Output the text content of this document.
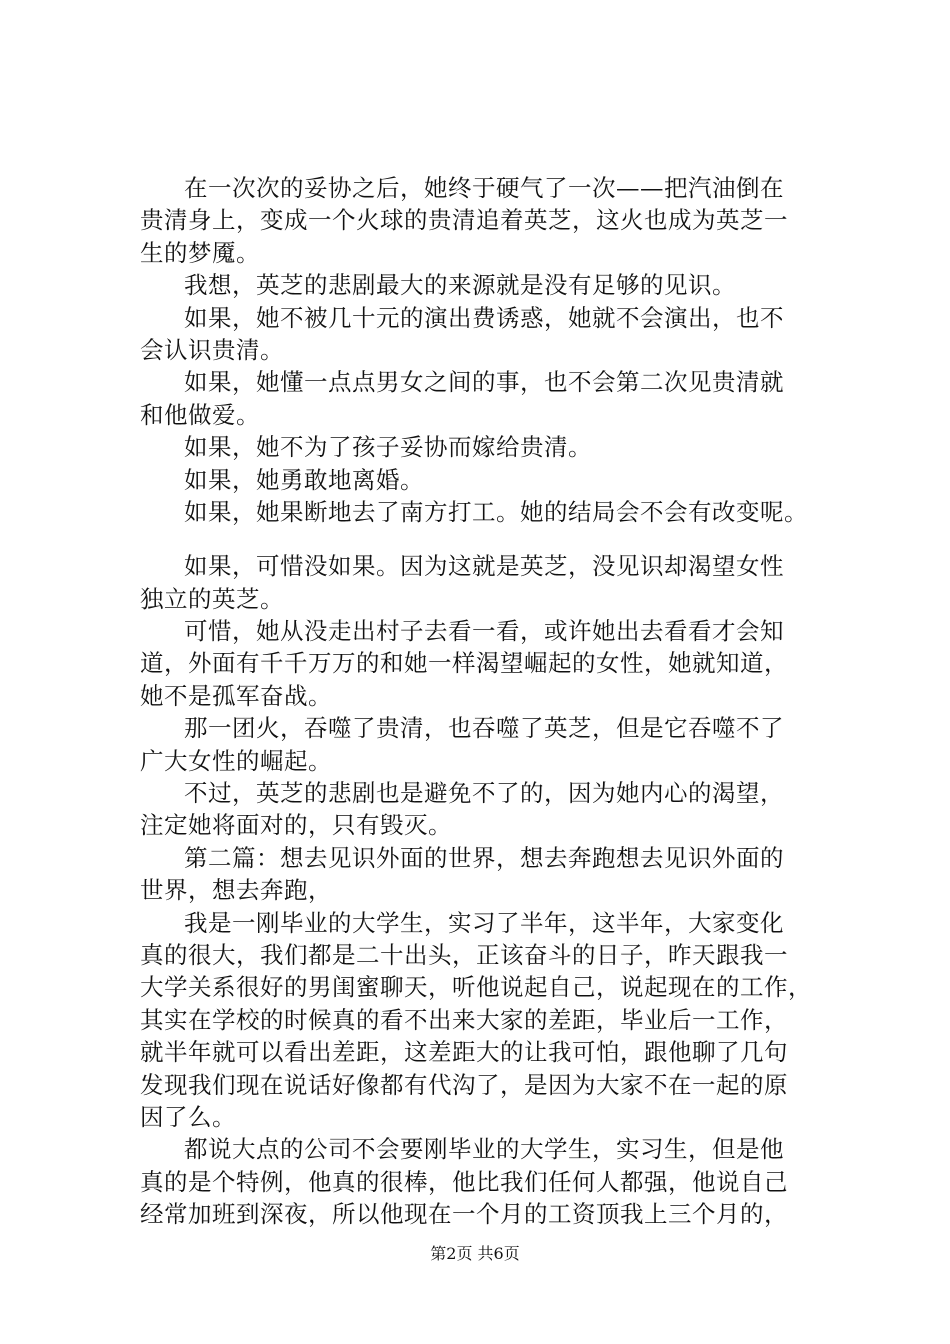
在一次次的妥协之后，她终于硬气了一次——把汽油倒在
贵清身上，变成一个火球的贵清追着英芝，这火也成为英芝一
生的梦魇。
我想，英芝的悲剧最大的来源就是没有足够的见识。
如果，她不被几十元的演出费诱惑，她就不会演出，也不
会认识贵清。
如果，她懂一点点男女之间的事，也不会第二次见贵清就
和他做爱。
如果，她不为了孩子妥协而嫁给贵清。
如果，她勇敢地离婚。
如果，她果断地去了南方打工。她的结局会不会有改变呢。
如果，可惜没如果。因为这就是英芝，没见识却渴望女性
独立的英芝。
可惜，她从没走出村子去看一看，或许她出去看看才会知
道，外面有千千万万的和她一样渴望崛起的女性，她就知道，
她不是孤军奋战。
那一团火，吞噬了贵清，也吞噬了英芝，但是它吞噬不了
广大女性的崛起。
不过，英芝的悲剧也是避免不了的，因为她内心的渴望，
注定她将面对的，只有毁灭。
第二篇：想去见识外面的世界，想去奔跑想去见识外面的
世界，想去奔跑，
我是一刚毕业的大学生，实习了半年，这半年，大家变化
真的很大，我们都是二十出头，正该奋斗的日子，昨天跟我一
大学关系很好的男闺蜜聊天，听他说起自己，说起现在的工作，
其实在学校的时候真的看不出来大家的差距，毕业后一工作，
就半年就可以看出差距，这差距大的让我可怕，跟他聊了几句
发现我们现在说话好像都有代沟了，是因为大家不在一起的原
因了么。
都说大点的公司不会要刚毕业的大学生，实习生，但是他
真的是个特例，他真的很棒，他比我们任何人都强，他说自己
经常加班到深夜，所以他现在一个月的工资顶我上三个月的，
第2页 共6页
